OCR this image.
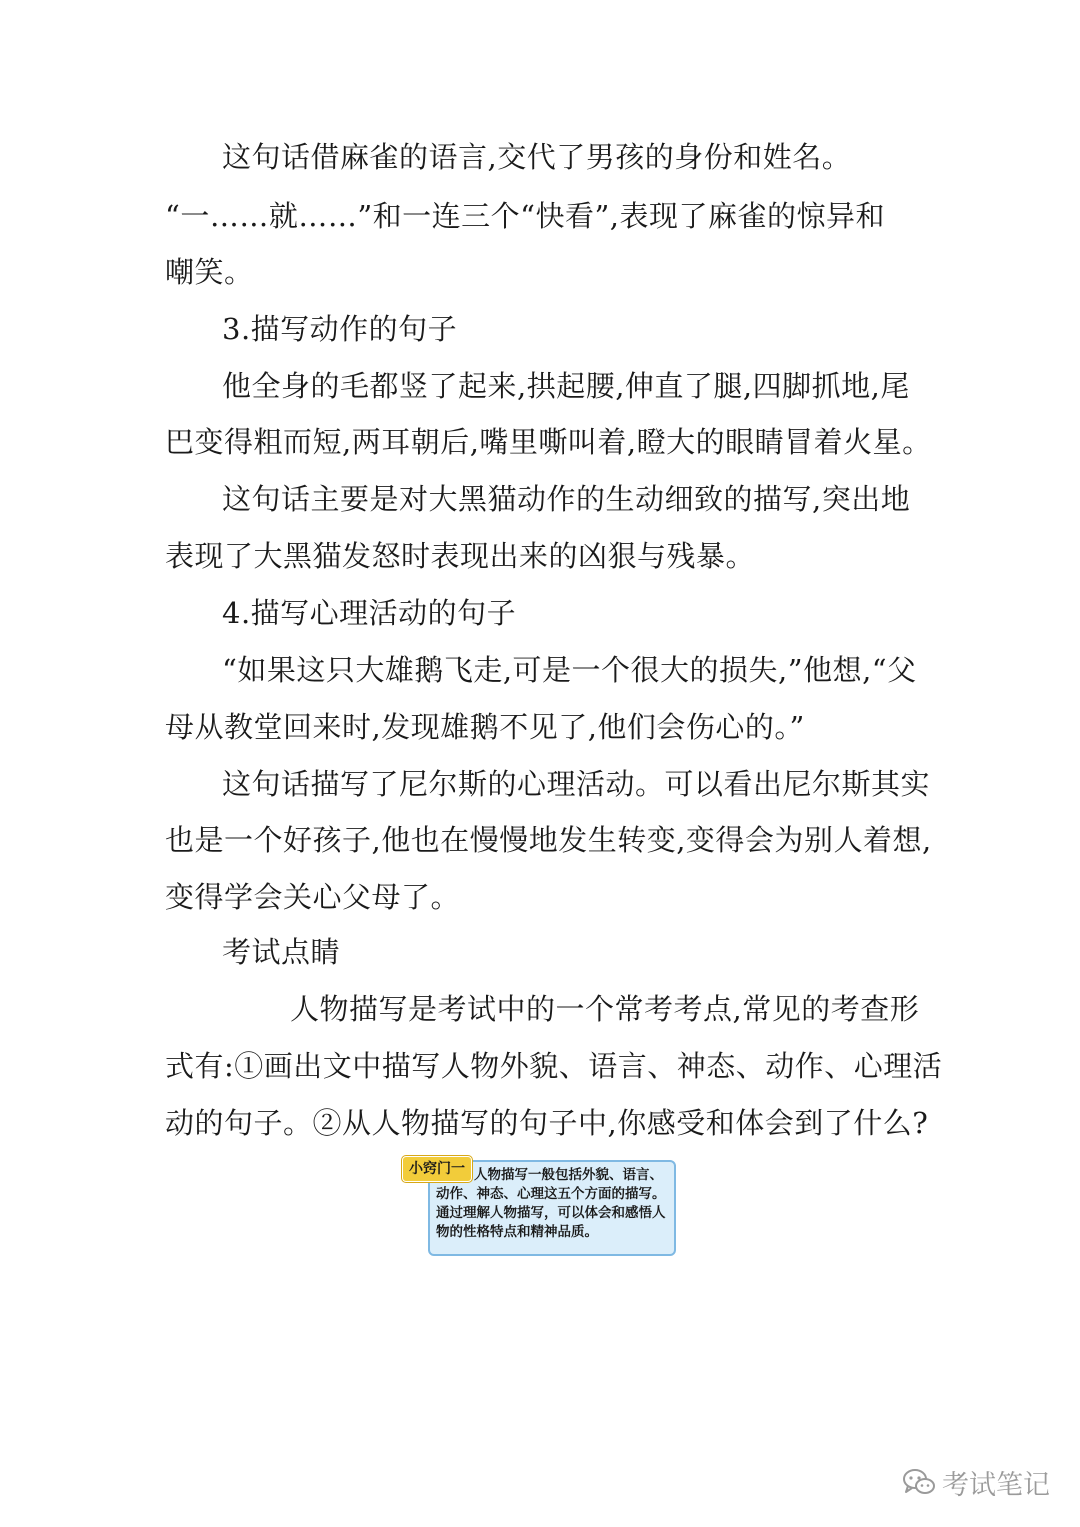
这句话借麻雀的语言,交代了男孩的身份和姓名。
“一……就……”和一连三个“快看”,表现了麻雀的惊异和
嘲笑。
3.描写动作的句子
他全身的毛都竖了起来,拱起腰,伸直了腿,四脚抓地,尾
巴变得粗而短,两耳朝后,嘴里嘶叫着,瞪大的眼睛冒着火星。
这句话主要是对大黑猫动作的生动细致的描写,突出地
表现了大黑猫发怒时表现出来的凶狠与残暴。
4.描写心理活动的句子
“如果这只大雄鹅飞走,可是一个很大的损失,”他想,“父
母从教堂回来时,发现雄鹅不见了,他们会伤心的。”
这句话描写了尼尔斯的心理活动。可以看出尼尔斯其实
也是一个好孩子,他也在慢慢地发生转变,变得会为别人着想,
变得学会关心父母了。
考试点睛
人物描写是考试中的一个常考考点,常见的考查形
式有:①画出文中描写人物外貌、语言、神态、动作、心理活
动的句子。②从人物描写的句子中,你感受和体会到了什么?
小窍门一 人物描写一般包括外貌、语言、动作、神态、心理这五个方面的描写。通过理解人物描写，可以体会和感悟人物的性格特点和精神品质。
考试笔记
